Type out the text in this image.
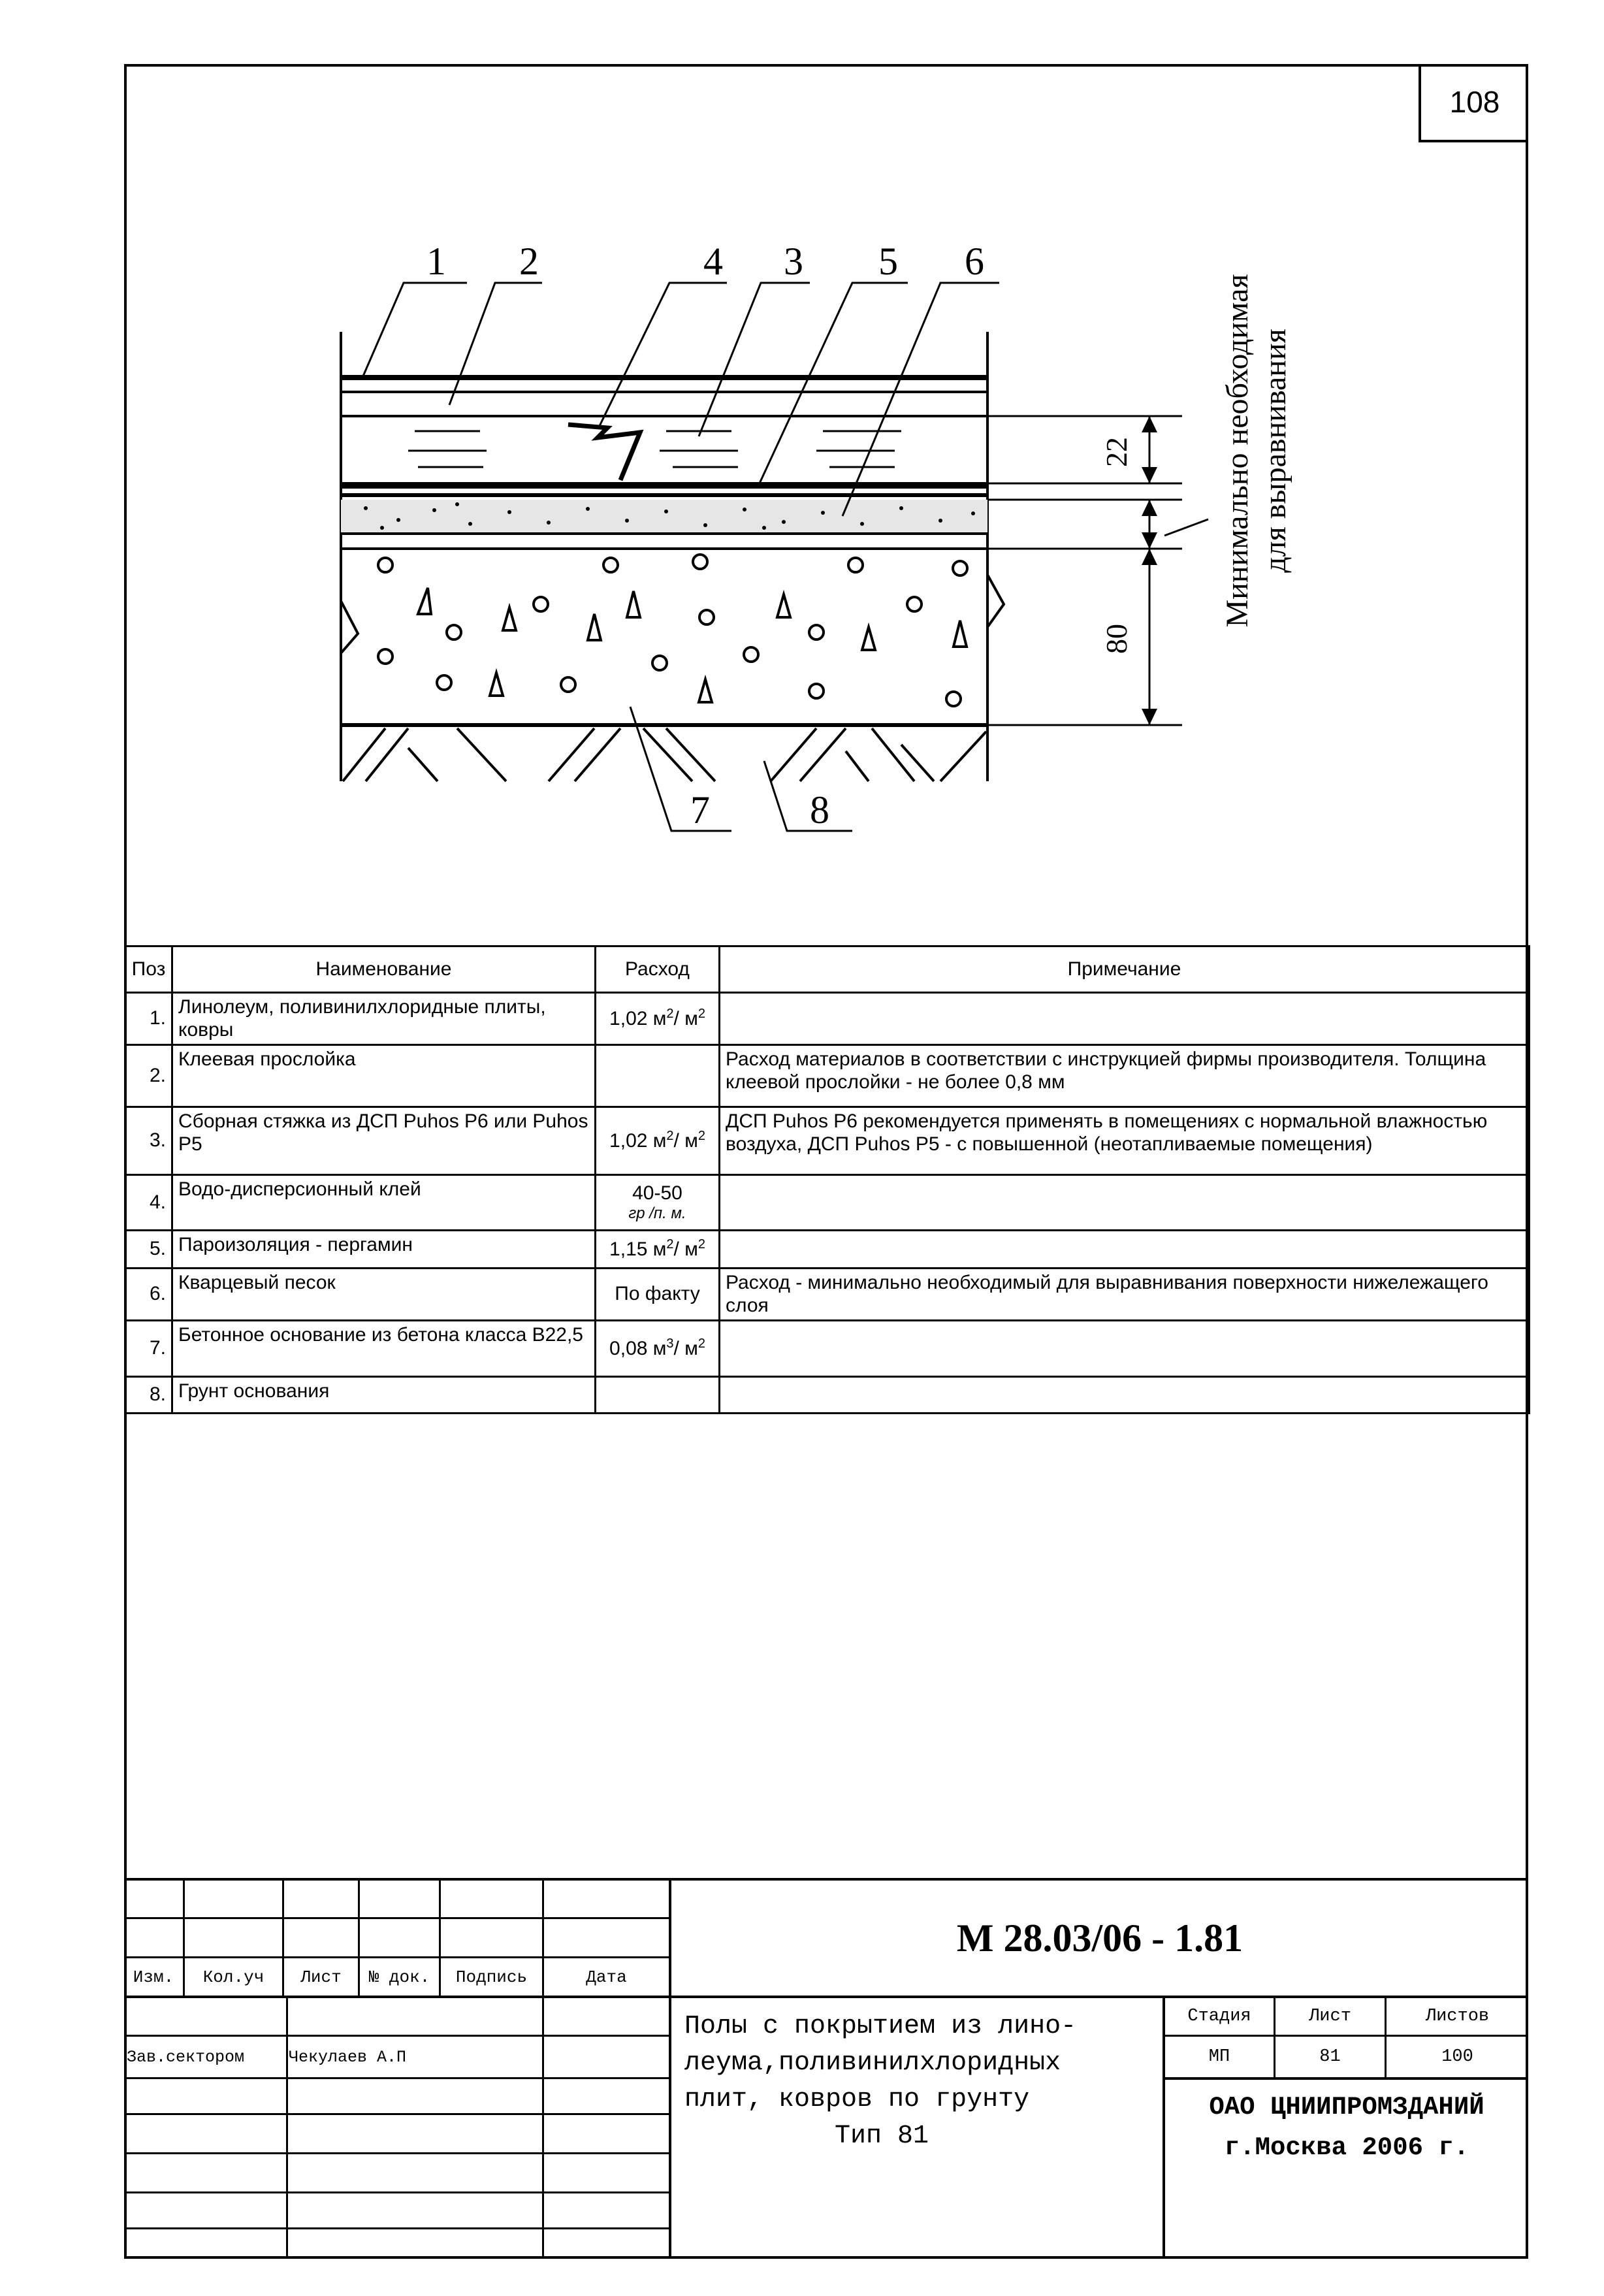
108
1 2	4 3 5 6
7	8
22
80
Минимально необходимая для выравнивания
Поз	Наименование	Расход	Примечание
1.	Линолеум, поливинилхлоридные плиты, ковры	1,02 $м^2/$ $м^2$	
2.	Клеевая прослойка		Расход материалов в соответствии с инструкцией фирмы производителя. Толщина клеевой прослойки - не более 0,8 мм
3.	Сборная стяжка из ДСП Puhos P6 или Puhos P5	1,02 $м^2/$ $м^2$	ДСП Puhos P6 рекомендуется применять в помещениях с нормальной влажностью воздуха, ДСП Puhos P5 - с повышенной (неотапливаемые помещения)
4.	Водо-дисперсионный клей	40-50
гр /п. м.	

5.	Пароизоляция - пергамин	1,15 $м^2/$ $м^2$	
6.	Кварцевый песок	По факту	Расход - минимально необходимый для выравнивания поверхности нижележащего слоя
7.	Бетонное основание из бетона класса В22,5	0,08 $м^3/$ $м^2$	
8.	Грунт основания		
Изм.	Кол.уч	Лист	№ док.	Подпись	Дата
Зав.сектором	Чекулаев А.П
М 28.03/06 - 1.81
Полы с покрытием из лино-
леума,поливинилхлоридных
плит, ковров по грунту
Тип 81
Стадия	Лист	Листов
МП	81	100
ОАО ЦНИИПРОМЗДАНИЙ
г.Москва 2006 г.
